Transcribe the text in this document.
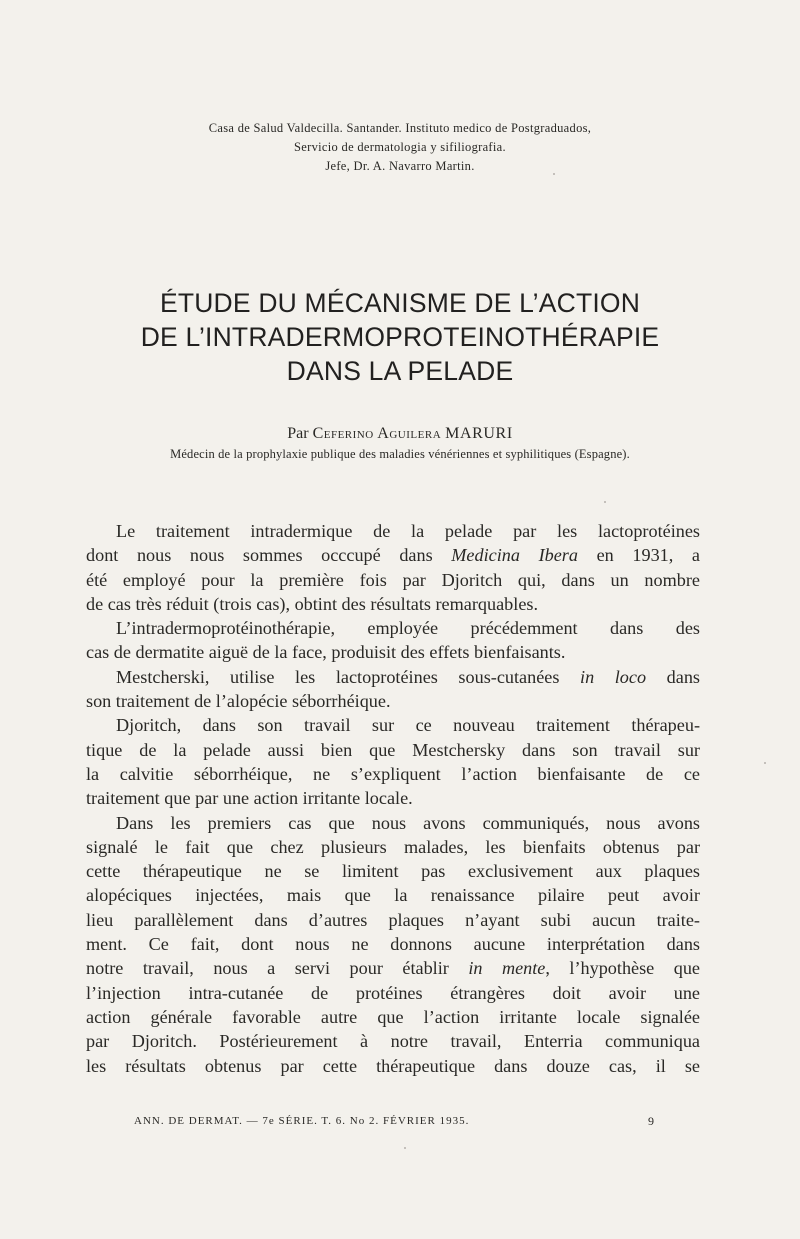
Casa de Salud Valdecilla. Santander. Instituto medico de Postgraduados,
Servicio de dermatologia y sifiliografia.
Jefe, Dr. A. Navarro Martin.
ÉTUDE DU MÉCANISME DE L’ACTION
DE L’INTRADERMOPROTEINOTHÉRAPIE
DANS LA PELADE
Par Ceferino Aguilera MARURI
Médecin de la prophylaxie publique des maladies vénériennes et syphilitiques (Espagne).
Le traitement intradermique de la pelade par les lactoprotéines
dont nous nous sommes occcupé dans Medicina Ibera en 1931, a
été employé pour la première fois par Djoritch qui, dans un nombre
de cas très réduit (trois cas), obtint des résultats remarquables.
L’intradermoprotéinothérapie, employée précédemment dans des
cas de dermatite aiguë de la face, produisit des effets bienfaisants.
Mestcherski, utilise les lactoprotéines sous-cutanées in loco dans
son traitement de l’alopécie séborrhéique.
Djoritch, dans son travail sur ce nouveau traitement thérapeu-
tique de la pelade aussi bien que Mestchersky dans son travail sur
la calvitie séborrhéique, ne s’expliquent l’action bienfaisante de ce
traitement que par une action irritante locale.
Dans les premiers cas que nous avons communiqués, nous avons
signalé le fait que chez plusieurs malades, les bienfaits obtenus par
cette thérapeutique ne se limitent pas exclusivement aux plaques
alopéciques injectées, mais que la renaissance pilaire peut avoir
lieu parallèlement dans d’autres plaques n’ayant subi aucun traite-
ment. Ce fait, dont nous ne donnons aucune interprétation dans
notre travail, nous a servi pour établir in mente, l’hypothèse que
l’injection intra-cutanée de protéines étrangères doit avoir une
action générale favorable autre que l’action irritante locale signalée
par Djoritch. Postérieurement à notre travail, Enterria communiqua
les résultats obtenus par cette thérapeutique dans douze cas, il se
ANN. DE DERMAT. — 7e SÉRIE. T. 6. No 2. FÉVRIER 1935.	9
